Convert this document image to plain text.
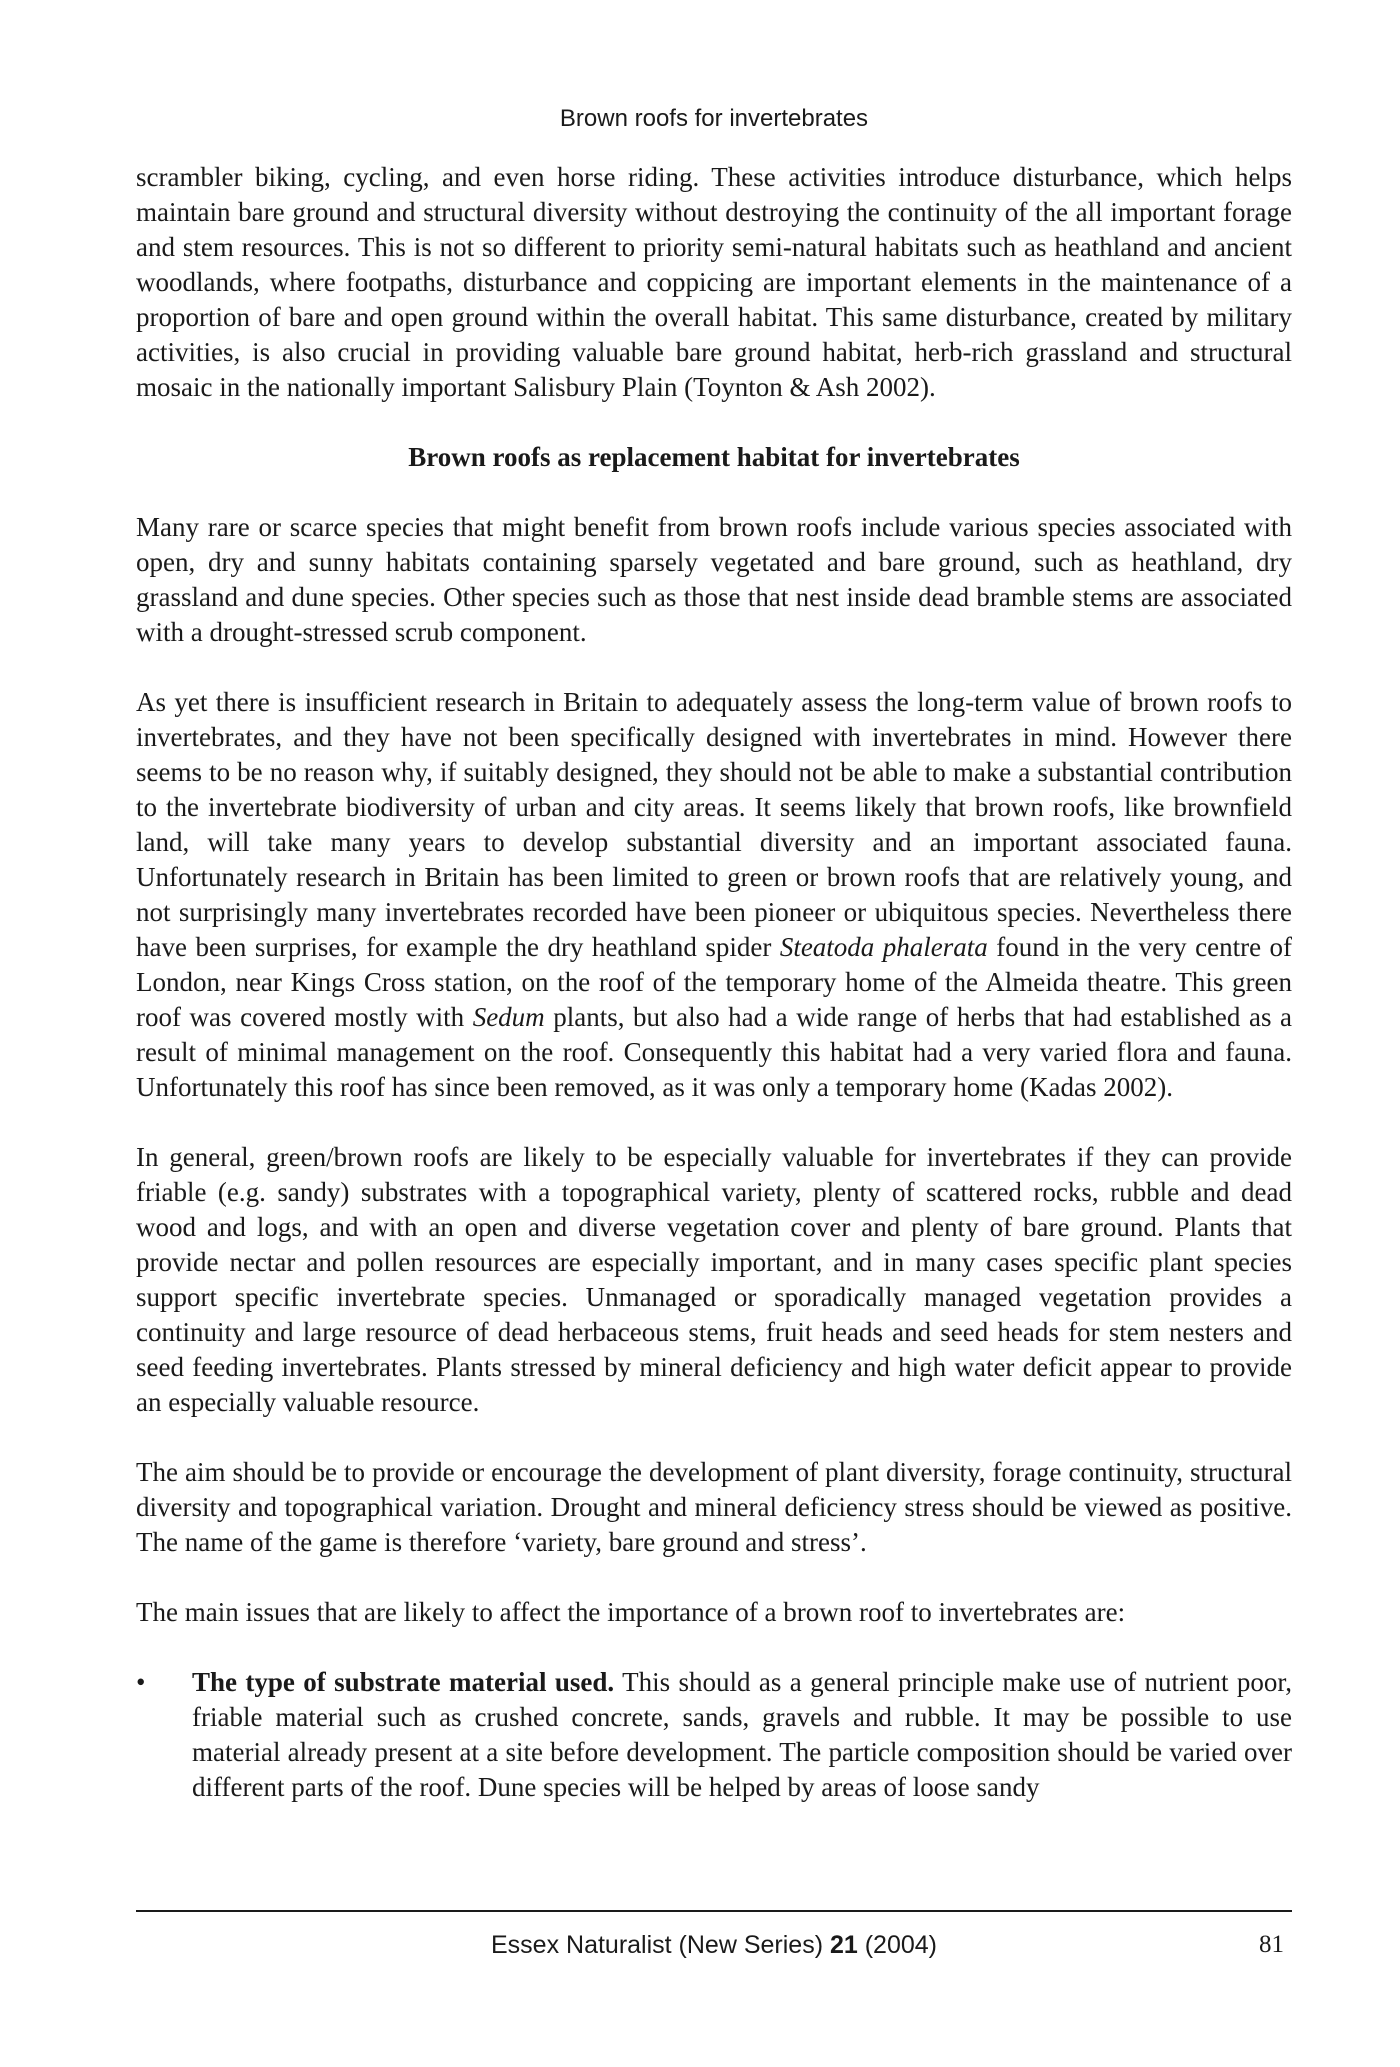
Brown roofs for invertebrates

scrambler biking, cycling, and even horse riding. These activities introduce disturbance, which helps maintain bare ground and structural diversity without destroying the continuity of the all important forage and stem resources. This is not so different to priority semi-natural habitats such as heathland and ancient woodlands, where footpaths, disturbance and coppicing are important elements in the maintenance of a proportion of bare and open ground within the overall habitat. This same disturbance, created by military activities, is also crucial in providing valuable bare ground habitat, herb-rich grassland and structural mosaic in the nationally important Salisbury Plain (Toynton & Ash 2002).

Brown roofs as replacement habitat for invertebrates

Many rare or scarce species that might benefit from brown roofs include various species associated with open, dry and sunny habitats containing sparsely vegetated and bare ground, such as heathland, dry grassland and dune species. Other species such as those that nest inside dead bramble stems are associated with a drought-stressed scrub component.

As yet there is insufficient research in Britain to adequately assess the long-term value of brown roofs to invertebrates, and they have not been specifically designed with invertebrates in mind. However there seems to be no reason why, if suitably designed, they should not be able to make a substantial contribution to the invertebrate biodiversity of urban and city areas. It seems likely that brown roofs, like brownfield land, will take many years to develop substantial diversity and an important associated fauna. Unfortunately research in Britain has been limited to green or brown roofs that are relatively young, and not surprisingly many invertebrates recorded have been pioneer or ubiquitous species. Nevertheless there have been surprises, for example the dry heathland spider Steatoda phalerata found in the very centre of London, near Kings Cross station, on the roof of the temporary home of the Almeida theatre. This green roof was covered mostly with Sedum plants, but also had a wide range of herbs that had established as a result of minimal management on the roof. Consequently this habitat had a very varied flora and fauna. Unfortunately this roof has since been removed, as it was only a temporary home (Kadas 2002).

In general, green/brown roofs are likely to be especially valuable for invertebrates if they can provide friable (e.g. sandy) substrates with a topographical variety, plenty of scattered rocks, rubble and dead wood and logs, and with an open and diverse vegetation cover and plenty of bare ground. Plants that provide nectar and pollen resources are especially important, and in many cases specific plant species support specific invertebrate species. Unmanaged or sporadically managed vegetation provides a continuity and large resource of dead herbaceous stems, fruit heads and seed heads for stem nesters and seed feeding invertebrates. Plants stressed by mineral deficiency and high water deficit appear to provide an especially valuable resource.

The aim should be to provide or encourage the development of plant diversity, forage continuity, structural diversity and topographical variation. Drought and mineral deficiency stress should be viewed as positive. The name of the game is therefore ‘variety, bare ground and stress’.

The main issues that are likely to affect the importance of a brown roof to invertebrates are:

• The type of substrate material used. This should as a general principle make use of nutrient poor, friable material such as crushed concrete, sands, gravels and rubble. It may be possible to use material already present at a site before development. The particle composition should be varied over different parts of the roof. Dune species will be helped by areas of loose sandy
Essex Naturalist (New Series) 21 (2004)	81
